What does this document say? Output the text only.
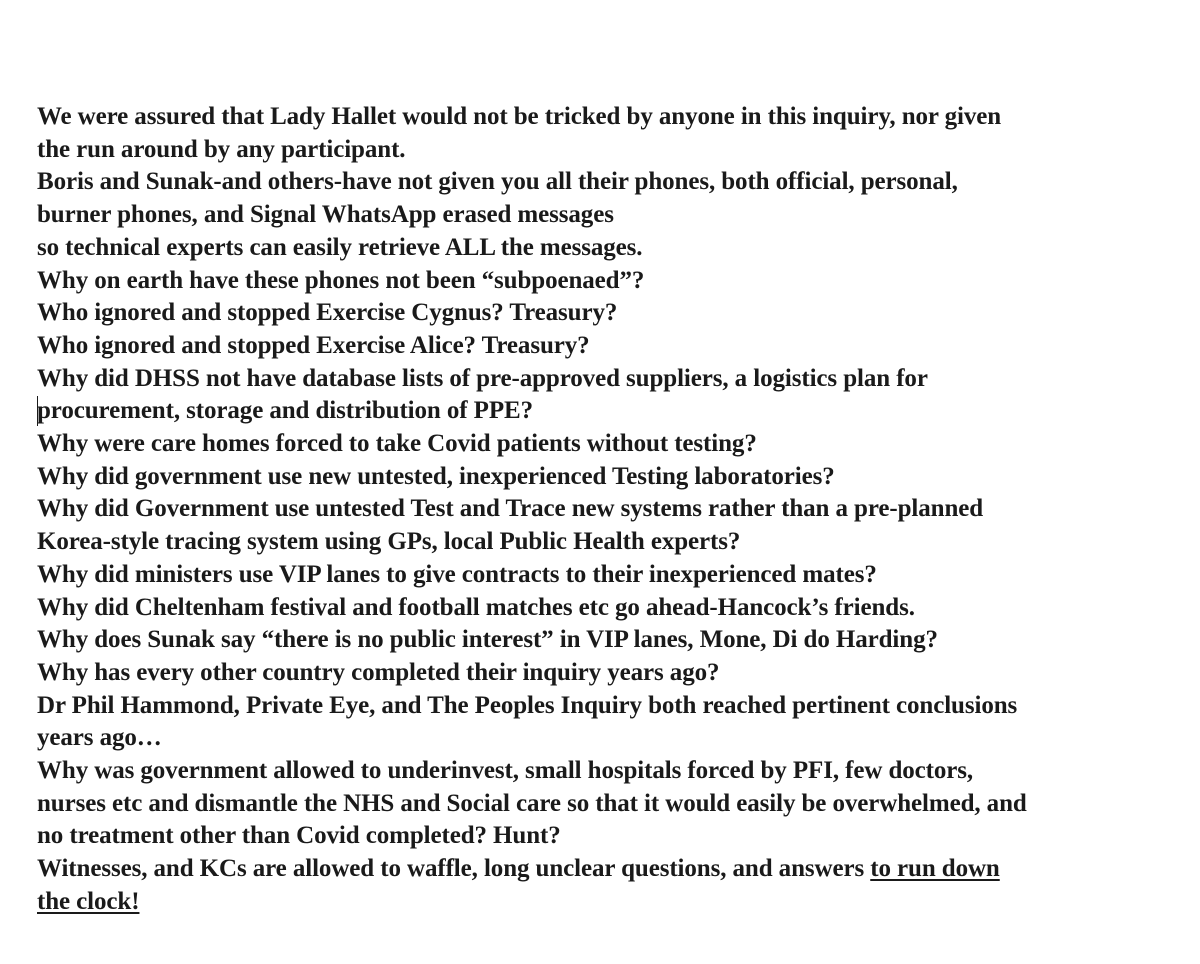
We were assured that Lady Hallet would not be tricked by anyone in this inquiry, nor given
the run around by any participant.
Boris and Sunak-and others-have not given you all their phones, both official, personal,
burner phones, and Signal WhatsApp erased messages
so technical experts can easily retrieve ALL the messages.
Why on earth have these phones not been “subpoenaed”?
Who ignored and stopped Exercise Cygnus? Treasury?
Who ignored and stopped Exercise Alice? Treasury?
Why did DHSS not have database lists of pre-approved suppliers, a logistics plan for
procurement, storage and distribution of PPE?
Why were care homes forced to take Covid patients without testing?
Why did government use new untested, inexperienced Testing laboratories?
Why did Government use untested Test and Trace new systems rather than a pre-planned
Korea-style tracing system using GPs, local Public Health experts?
Why did ministers use VIP lanes to give contracts to their inexperienced mates?
Why did Cheltenham festival and football matches etc go ahead-Hancock’s friends.
Why does Sunak say “there is no public interest” in VIP lanes, Mone, Di do Harding?
Why has every other country completed their inquiry years ago?
Dr Phil Hammond, Private Eye, and The Peoples Inquiry both reached pertinent conclusions
years ago…
Why was government allowed to underinvest, small hospitals forced by PFI, few doctors,
nurses etc and dismantle the NHS and Social care so that it would easily be overwhelmed, and
no treatment other than Covid completed? Hunt?
Witnesses, and KCs are allowed to waffle, long unclear questions, and answers to run down
the clock!
